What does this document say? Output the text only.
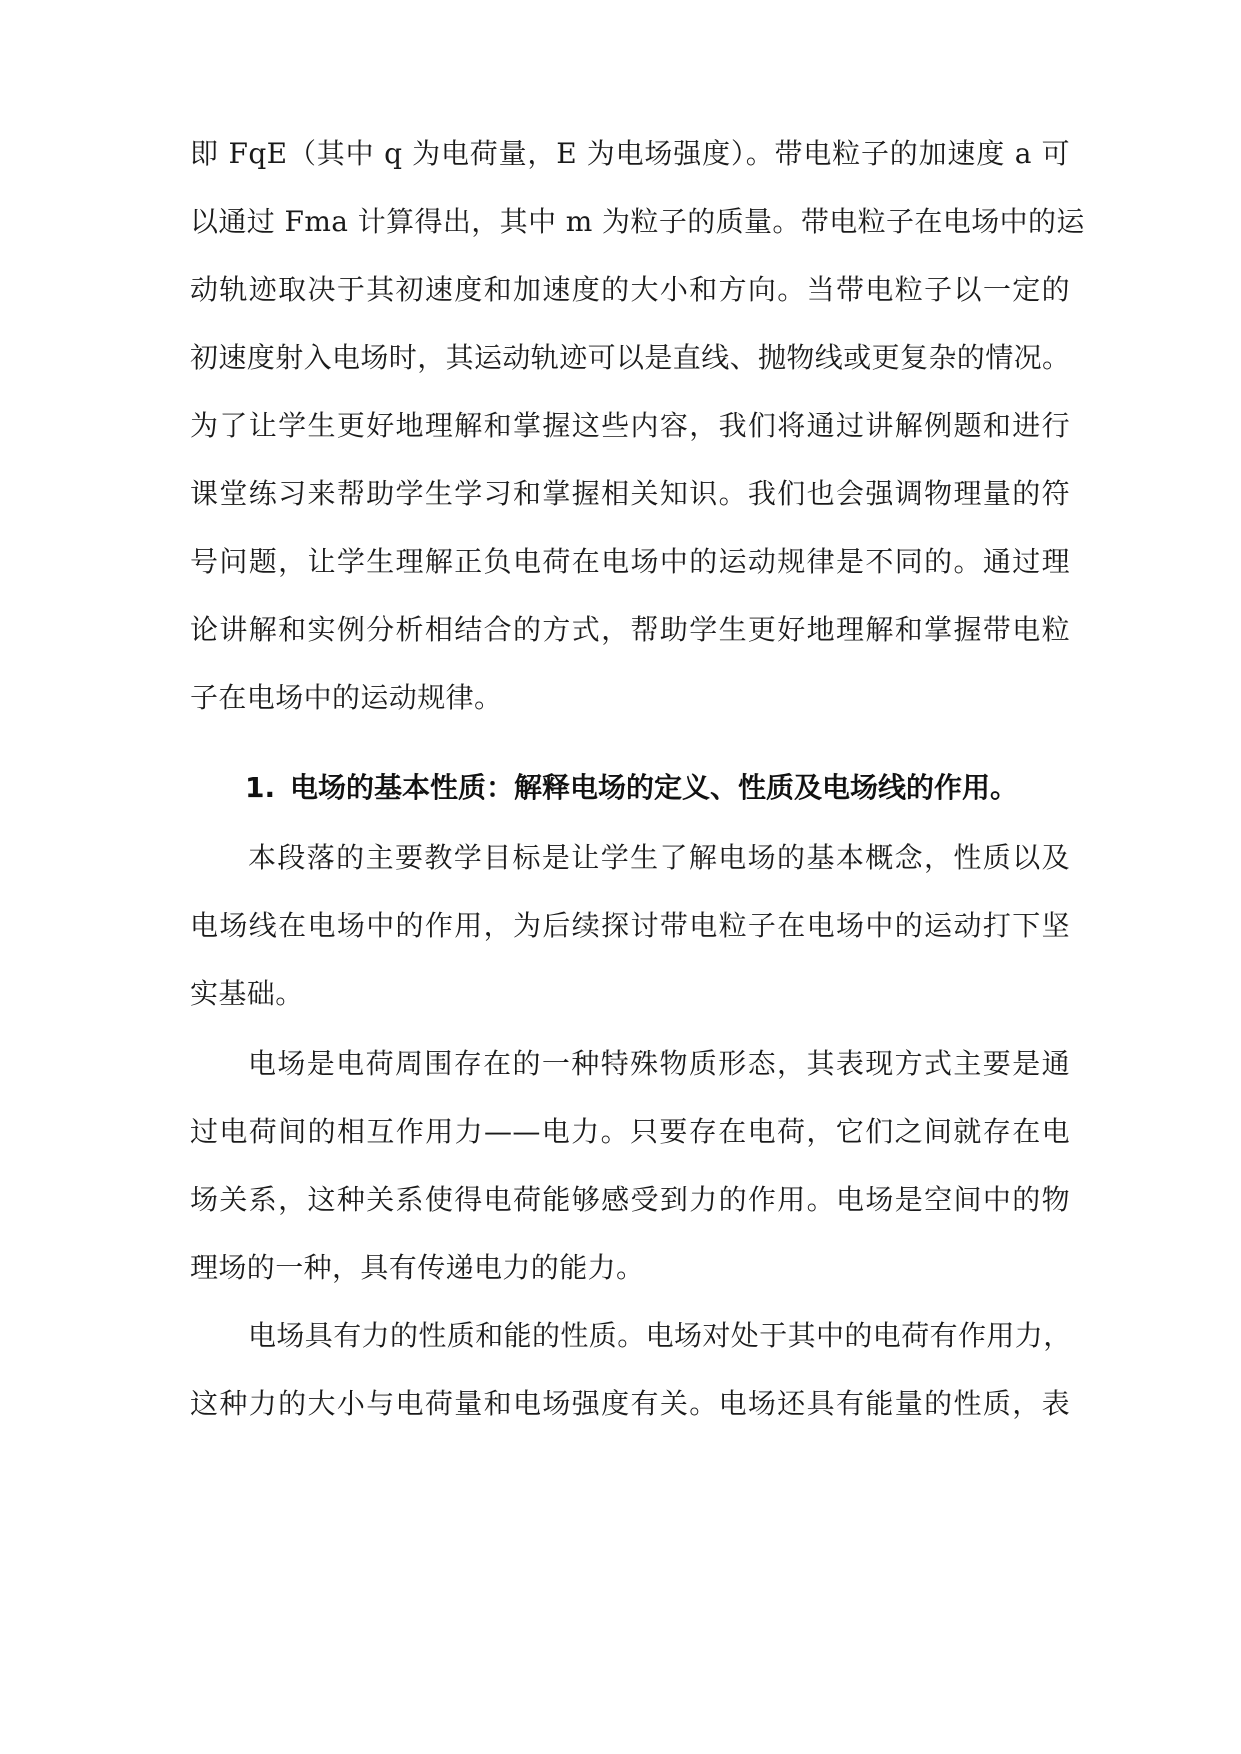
即 FqE（其中 q 为电荷量，E 为电场强度）。带电粒子的加速度 a 可
以通过 Fma 计算得出，其中 m 为粒子的质量。带电粒子在电场中的运
动轨迹取决于其初速度和加速度的大小和方向。当带电粒子以一定的
初速度射入电场时，其运动轨迹可以是直线、抛物线或更复杂的情况。
为了让学生更好地理解和掌握这些内容，我们将通过讲解例题和进行
课堂练习来帮助学生学习和掌握相关知识。我们也会强调物理量的符
号问题，让学生理解正负电荷在电场中的运动规律是不同的。通过理
论讲解和实例分析相结合的方式，帮助学生更好地理解和掌握带电粒
子在电场中的运动规律。
1. 电场的基本性质：解释电场的定义、性质及电场线的作用。
本段落的主要教学目标是让学生了解电场的基本概念，性质以及
电场线在电场中的作用，为后续探讨带电粒子在电场中的运动打下坚
实基础。
电场是电荷周围存在的一种特殊物质形态，其表现方式主要是通
过电荷间的相互作用力——电力。只要存在电荷，它们之间就存在电
场关系，这种关系使得电荷能够感受到力的作用。电场是空间中的物
理场的一种，具有传递电力的能力。
电场具有力的性质和能的性质。电场对处于其中的电荷有作用力，
这种力的大小与电荷量和电场强度有关。电场还具有能量的性质，表
